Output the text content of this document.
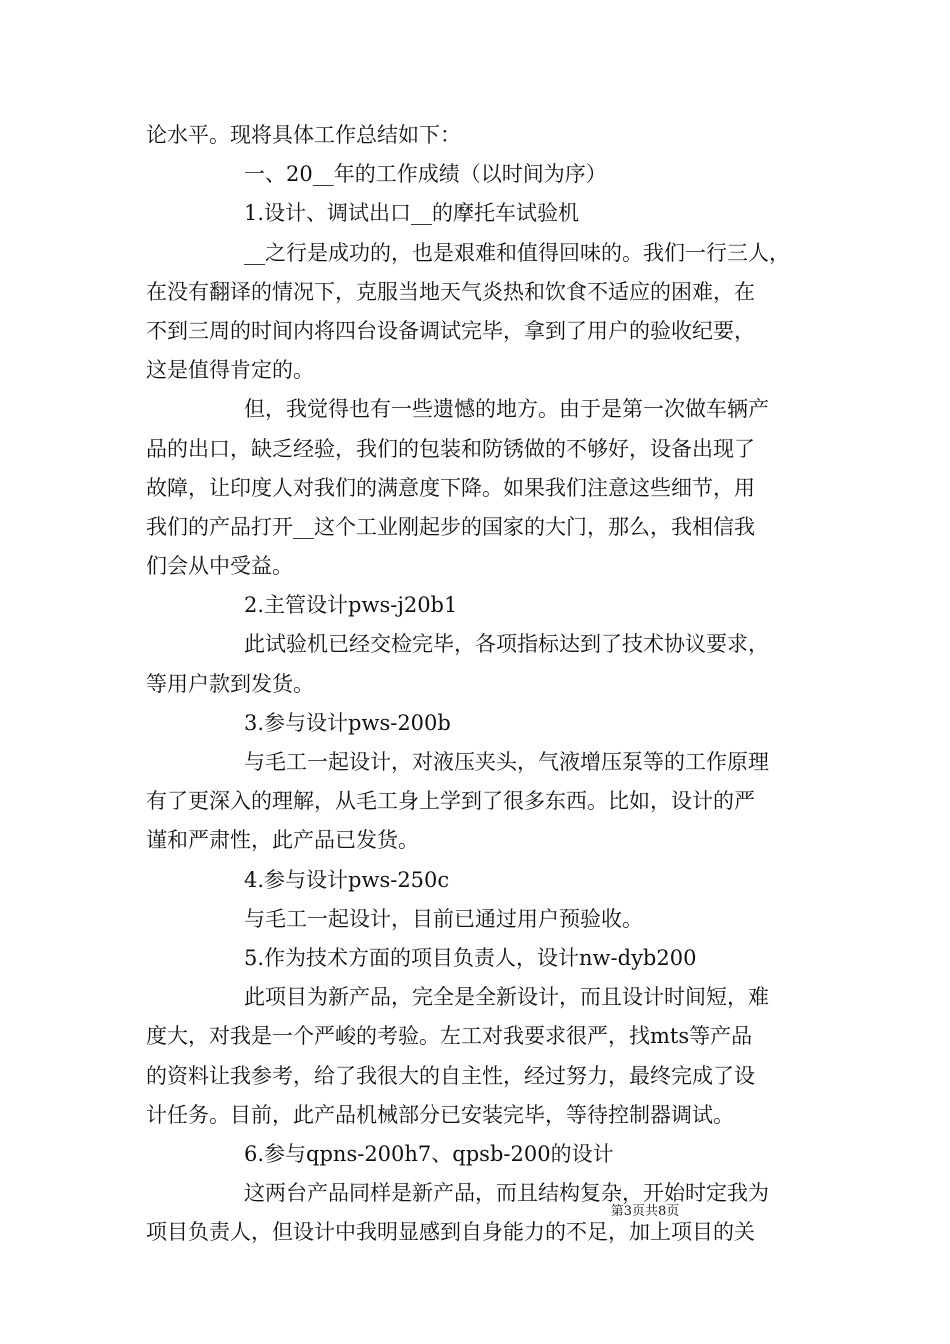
论水平。现将具体工作总结如下：
一、20__年的工作成绩（以时间为序）
1.设计、调试出口__的摩托车试验机
__之行是成功的，也是艰难和值得回味的。我们一行三人，
在没有翻译的情况下，克服当地天气炎热和饮食不适应的困难，在
不到三周的时间内将四台设备调试完毕，拿到了用户的验收纪要，
这是值得肯定的。
但，我觉得也有一些遗憾的地方。由于是第一次做车辆产
品的出口，缺乏经验，我们的包装和防锈做的不够好，设备出现了
故障，让印度人对我们的满意度下降。如果我们注意这些细节，用
我们的产品打开__这个工业刚起步的国家的大门，那么，我相信我
们会从中受益。
2.主管设计pws-j20b1
此试验机已经交检完毕，各项指标达到了技术协议要求，
等用户款到发货。
3.参与设计pws-200b
与毛工一起设计，对液压夹头，气液增压泵等的工作原理
有了更深入的理解，从毛工身上学到了很多东西。比如，设计的严
谨和严肃性，此产品已发货。
4.参与设计pws-250c
与毛工一起设计，目前已通过用户预验收。
5.作为技术方面的项目负责人，设计nw-dyb200
此项目为新产品，完全是全新设计，而且设计时间短，难
度大，对我是一个严峻的考验。左工对我要求很严，找mts等产品
的资料让我参考，给了我很大的自主性，经过努力，最终完成了设
计任务。目前，此产品机械部分已安装完毕，等待控制器调试。
6.参与qpns-200h7、qpsb-200的设计
这两台产品同样是新产品，而且结构复杂，开始时定我为
项目负责人，但设计中我明显感到自身能力的不足，加上项目的关
第3页共8页
